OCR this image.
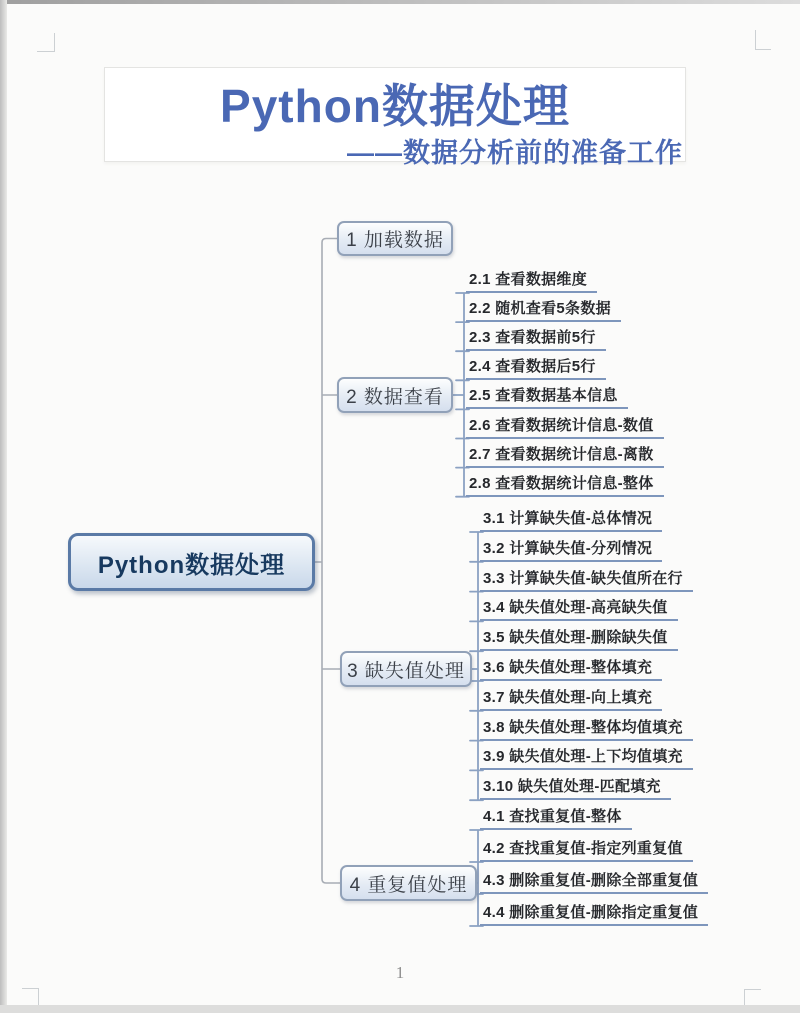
Python数据处理
——数据分析前的准备工作
Python数据处理
1 加载数据
2 数据查看
3 缺失值处理
4 重复值处理
2.1 查看数据维度
2.2 随机查看5条数据
2.3 查看数据前5行
2.4 查看数据后5行
2.5 查看数据基本信息
2.6 查看数据统计信息-数值
2.7 查看数据统计信息-离散
2.8 查看数据统计信息-整体
3.1 计算缺失值-总体情况
3.2 计算缺失值-分列情况
3.3 计算缺失值-缺失值所在行
3.4 缺失值处理-高亮缺失值
3.5 缺失值处理-删除缺失值
3.6 缺失值处理-整体填充
3.7 缺失值处理-向上填充
3.8 缺失值处理-整体均值填充
3.9 缺失值处理-上下均值填充
3.10 缺失值处理-匹配填充
4.1 查找重复值-整体
4.2 查找重复值-指定列重复值
4.3 删除重复值-删除全部重复值
4.4 删除重复值-删除指定重复值
1
